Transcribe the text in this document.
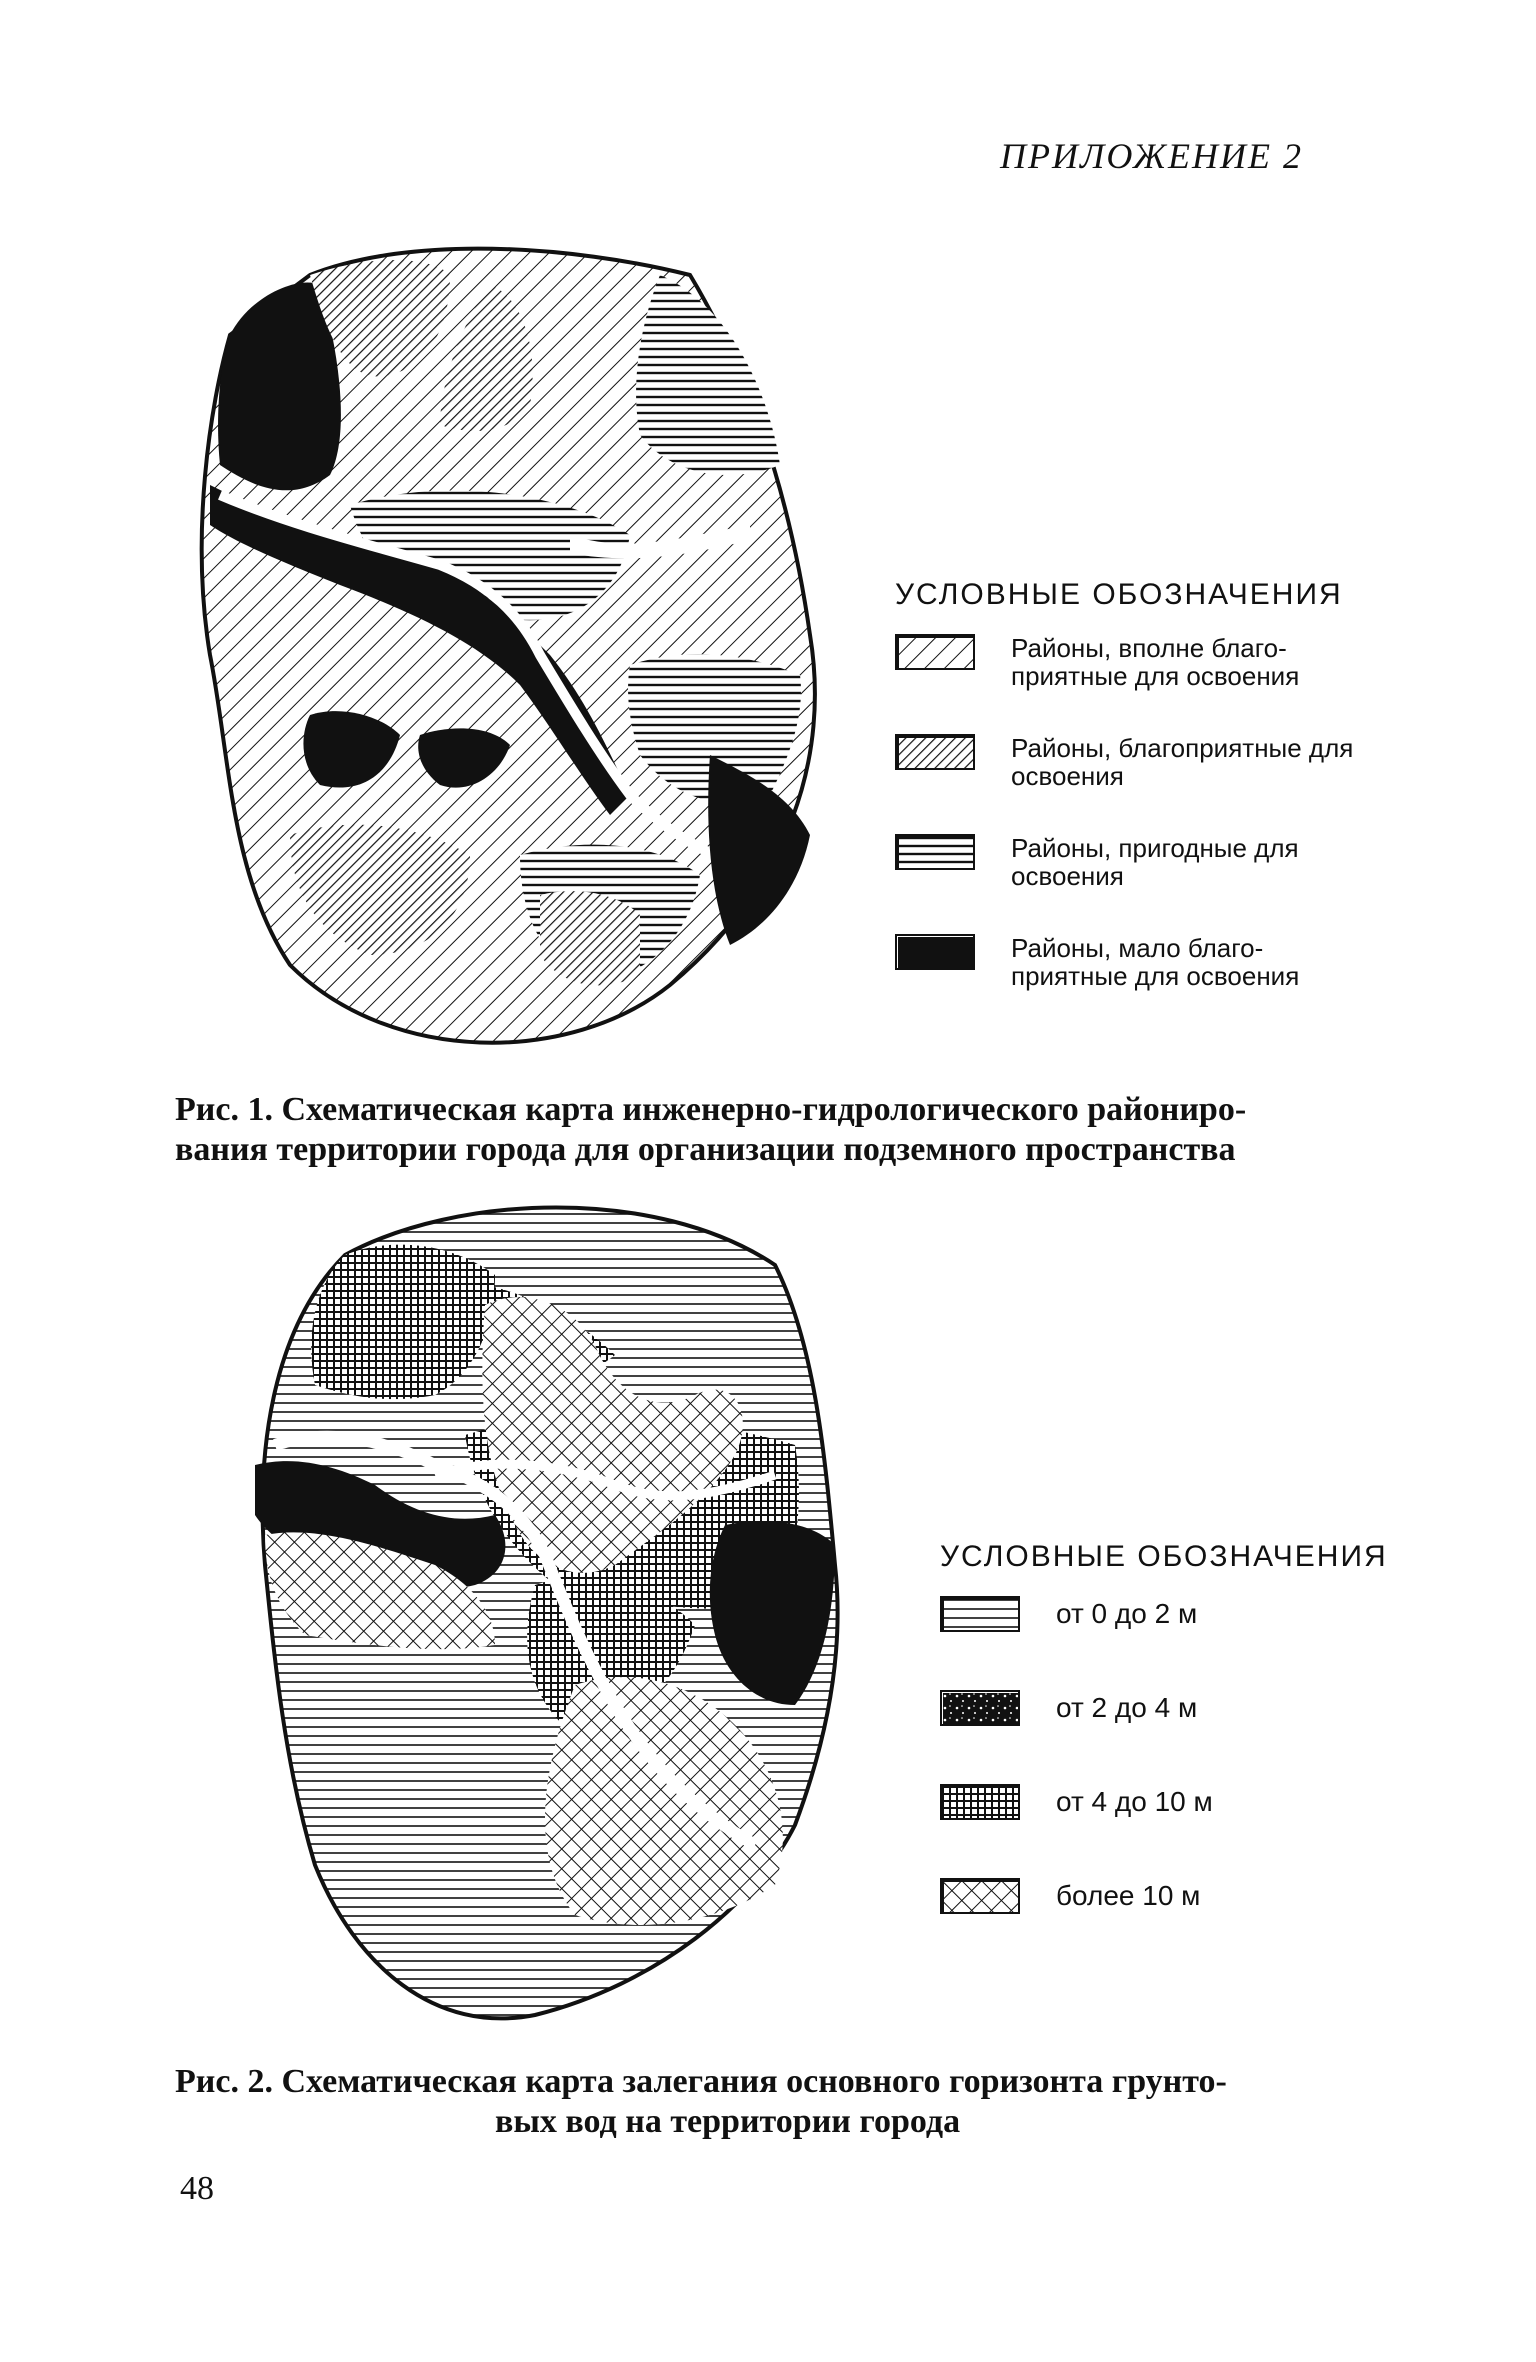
ПРИЛОЖЕНИЕ 2
УСЛОВНЫЕ ОБОЗНАЧЕНИЯ
Районы, вполне благо-приятные для освоения
Районы, благоприятные для освоения
Районы, пригодные для освоения
Районы, мало благо-приятные для освоения
Рис. 1. Схематическая карта инженерно-гидрологического райониро-
вания территории города для организации подземного пространства
УСЛОВНЫЕ ОБОЗНАЧЕНИЯ
от 0 до 2 м
от 2 до 4 м
от 4 до 10 м
более 10 м
Рис. 2. Схематическая карта залегания основного горизонта грунто-
вых вод на территории города
48
